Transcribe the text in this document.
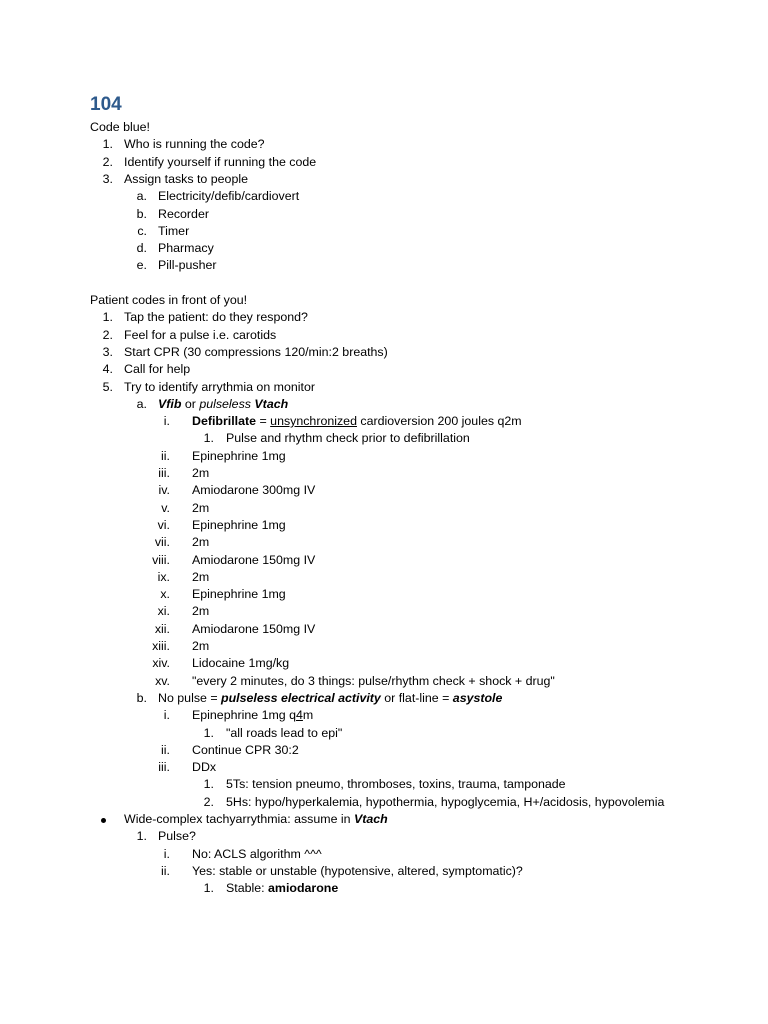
104
Code blue!
1. Who is running the code?
2. Identify yourself if running the code
3. Assign tasks to people
a. Electricity/defib/cardiovert
b. Recorder
c. Timer
d. Pharmacy
e. Pill-pusher
Patient codes in front of you!
1. Tap the patient: do they respond?
2. Feel for a pulse i.e. carotids
3. Start CPR (30 compressions 120/min:2 breaths)
4. Call for help
5. Try to identify arrythmia on monitor
a. Vfib or pulseless Vtach
i. Defibrillate = unsynchronized cardioversion 200 joules q2m
1. Pulse and rhythm check prior to defibrillation
ii. Epinephrine 1mg
iii. 2m
iv. Amiodarone 300mg IV
v. 2m
vi. Epinephrine 1mg
vii. 2m
viii. Amiodarone 150mg IV
ix. 2m
x. Epinephrine 1mg
xi. 2m
xii. Amiodarone 150mg IV
xiii. 2m
xiv. Lidocaine 1mg/kg
xv. "every 2 minutes, do 3 things: pulse/rhythm check + shock + drug"
b. No pulse = pulseless electrical activity or flat-line = asystole
i. Epinephrine 1mg q4m
1. "all roads lead to epi"
ii. Continue CPR 30:2
iii. DDx
1. 5Ts: tension pneumo, thromboses, toxins, trauma, tamponade
2. 5Hs: hypo/hyperkalemia, hypothermia, hypoglycemia, H+/acidosis, hypovolemia
Wide-complex tachyarrythmia: assume in Vtach
1. Pulse?
i. No: ACLS algorithm ^^^
ii. Yes: stable or unstable (hypotensive, altered, symptomatic)?
1. Stable: amiodarone
